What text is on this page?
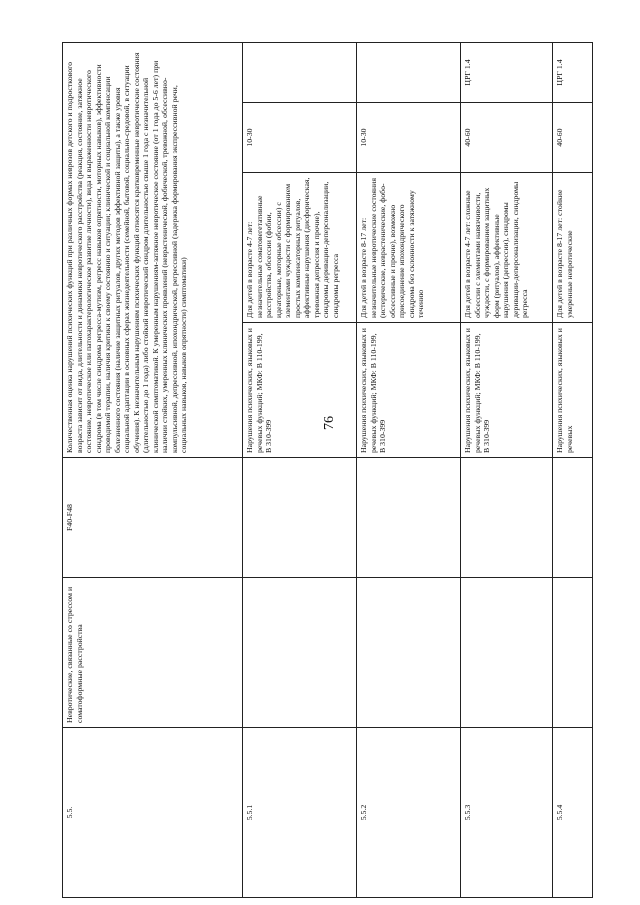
76
5.5.	Невротические, связанные со стрессом и соматоформные расстройства	F40-F48	Количественная оценка нарушений психических функций при различных формах неврозов детского и подросткового возраста зависит от вида, длительности и динамики невротического расстройства (реакция, состояние, затяжное состояние, невротическое или патохарактерологическое развитие личности), вида и выраженности невротического синдрома (в том числе синдрома регресса-мутизм, регресс навыков опрятности, моторных навыков), эффективности проводимой терапии, наличия критики к своему состоянию и ситуации; клинической и социальной компенсации болезненного состояния (наличие защитных ритуалов, других методов эффективной защиты), а также уровня социальной адаптации в основных сферах жизнедеятельности (семейной, бытовой, социально-средовой, в ситуации обучения). К незначительным нарушениям психических функций относятся кратковременные невротические состояния (длительностью до 1 года) либо стойкий невротический синдром длительностью свыше 1 года с незначительной клинической симптоматикой. К умеренным нарушениям-затяжное невротическое состояние (от 1 года до 5-6 лет) при наличии стойких, умеренных клинических проявлений (неврастенической, фобической, тревожной, обсессивно-компульсивной, депрессивной, ипохондрической, регрессивной (задержка формирования экспрессивной речи, социальных навыков, навыков опрятности) симптоматики)			
5.5.1			Нарушения психических, языковых и речевых функций; МКФ: В 110-199, В 310-399	Для детей в возрасте 4-7 лет: незначительные соматовегетативные расстройства, обсессии (фобии, идеаторные, моторные обсессии) с элементами чуждости с формированием простых компенсаторных ритуалов, аффективные нарушения (дисфорическая, тревожная депрессия и прочие), синдромы деривации-деперсонализации, синдромы регресса	10-30	
5.5.2			Нарушения психических, языковых и речевых функций; МКФ: В 110-199, В 310-399	Для детей в возрасте 8-17 лет: незначительные невротические состояния (истерические, неврастенические, фобо-обсессивные и прочие), возможно присоединение ипохондрического синдрома без склонности к затяжному течению	10-30	
5.5.3			Нарушения психических, языковых и речевых функций; МКФ: В 110-199, В 310-399	Для детей в возрасте 4-7 лет: сложные обсессии с элементами навязчивости, чуждости, с формированием защитных форм (ритуалов), аффективные нарушения (депрессии), синдромы деривации-деперсонализации, синдромы регресса	40-60	ЦРГ 1.4
5.5.4			Нарушения психических, языковых и речевых	Для детей в возрасте 8-17 лет: стойкие умеренные невротические	40-60	ЦРГ 1.4
